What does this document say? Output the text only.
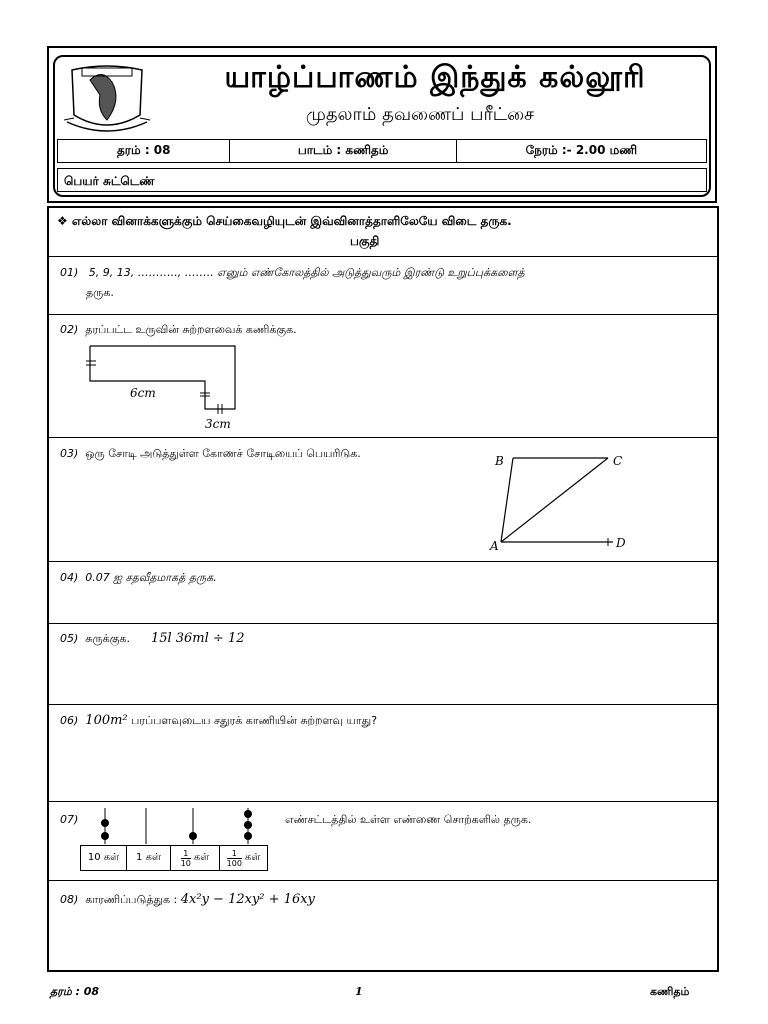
யாழ்ப்பாணம் இந்துக் கல்லூரி
முதலாம் தவணைப் பரீட்சை
தரம் : 08	பாடம் : கணிதம்	நேரம் :- 2.00 மணி
பெயர் சுட்டெண்
❖ எல்லா வினாக்களுக்கும் செய்கைவழியுடன் இவ்வினாத்தாளிலேயே விடை தருக.
பகுதி
01) 5, 9, 13, ……….., …….. எனும் எண்கோலத்தில் அடுத்துவரும் இரண்டு உறுப்புக்களைத்
தருக.
02) தரப்பட்ட உருவின் சுற்றளவைக் கணிக்குக.
6cm
3cm
03) ஒரு சோடி அடுத்துள்ள கோணச் சோடியைப் பெயரிடுக.
B	C
A	D
04) 0.07 ஐ சதவீதமாகத் தருக.
05) சுருக்குக. 15l 36ml ÷ 12
06) 100m² பரப்பளவுடைய சதுரக் காணியின் சுற்றளவு யாது?
07)
10 கள்	1 கள்	$\frac{1}{10}$ கள் $\frac{1}{100}$ கள்
எண்சட்டத்தில் உள்ள எண்ணை சொற்களில் தருக.
08) காரணிப்படுத்துக : 4x²y − 12xy² + 16xy
தரம் : 08	1	கணிதம்
